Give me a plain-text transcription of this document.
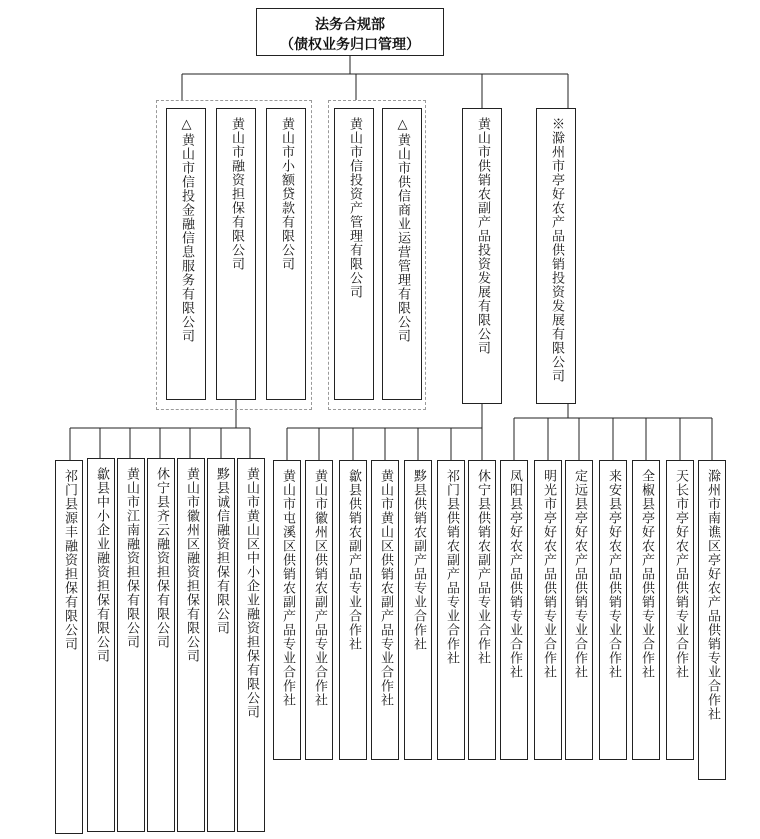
法务合规部
（债权业务归口管理）
△黄山市信投金融信息服务有限公司	黄山市融资担保有限公司	黄山市小额贷款有限公司	黄山市信投资产管理有限公司	△黄山市供信商业运营管理有限公司	黄山市供销农副产品投资发展有限公司	※滁州市亭好农产品供销投资发展有限公司
祁门县源丰融资担保有限公司 歙县中小企业融资担保有限公司 黄山市江南融资担保有限公司 休宁县齐云融资担保有限公司 黄山市徽州区融资担保有限公司 黟县诚信融资担保有限公司 黄山市黄山区中小企业融资担保有限公司 黄山市屯溪区供销农副产品专业合作社 黄山市徽州区供销农副产品专业合作社 歙县供销农副产品专业合作社 黄山市黄山区供销农副产品专业合作社 黟县供销农副产品专业合作社 祁门县供销农副产品专业合作社 休宁县供销农副产品专业合作社 凤阳县亭好农产品供销专业合作社 明光市亭好农产品供销专业合作社 定远县亭好农产品供销专业合作社 来安县亭好农产品供销专业合作社 全椒县亭好农产品供销专业合作社 天长市亭好农产品供销专业合作社 滁州市南谯区亭好农产品供销专业合作社
